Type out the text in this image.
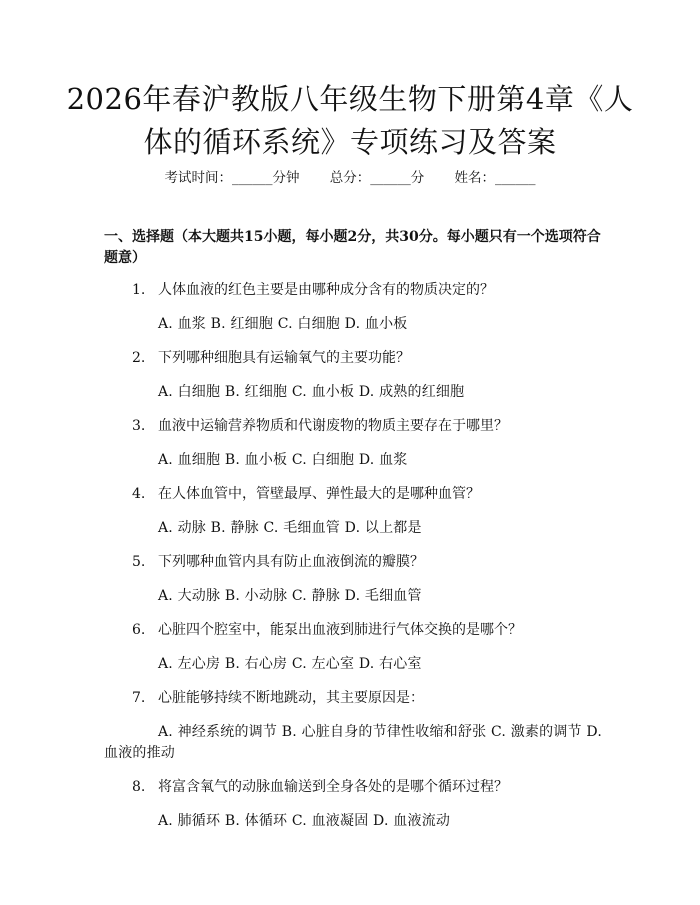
2026年春沪教版八年级生物下册第4章《人体的循环系统》专项练习及答案
考试时间：______分钟 总分：______分 姓名：______
一、选择题（本大题共15小题，每小题2分，共30分。每小题只有一个选项符合题意）
1. 人体血液的红色主要是由哪种成分含有的物质决定的？
A. 血浆 B. 红细胞 C. 白细胞 D. 血小板
2. 下列哪种细胞具有运输氧气的主要功能？
A. 白细胞 B. 红细胞 C. 血小板 D. 成熟的红细胞
3. 血液中运输营养物质和代谢废物的物质主要存在于哪里？
A. 血细胞 B. 血小板 C. 白细胞 D. 血浆
4. 在人体血管中，管壁最厚、弹性最大的是哪种血管？
A. 动脉 B. 静脉 C. 毛细血管 D. 以上都是
5. 下列哪种血管内具有防止血液倒流的瓣膜？
A. 大动脉 B. 小动脉 C. 静脉 D. 毛细血管
6. 心脏四个腔室中，能泵出血液到肺进行气体交换的是哪个？
A. 左心房 B. 右心房 C. 左心室 D. 右心室
7. 心脏能够持续不断地跳动，其主要原因是：
A. 神经系统的调节 B. 心脏自身的节律性收缩和舒张 C. 激素的调节 D. 血液的推动
8. 将富含氧气的动脉血输送到全身各处的是哪个循环过程？
A. 肺循环 B. 体循环 C. 血液凝固 D. 血液流动
